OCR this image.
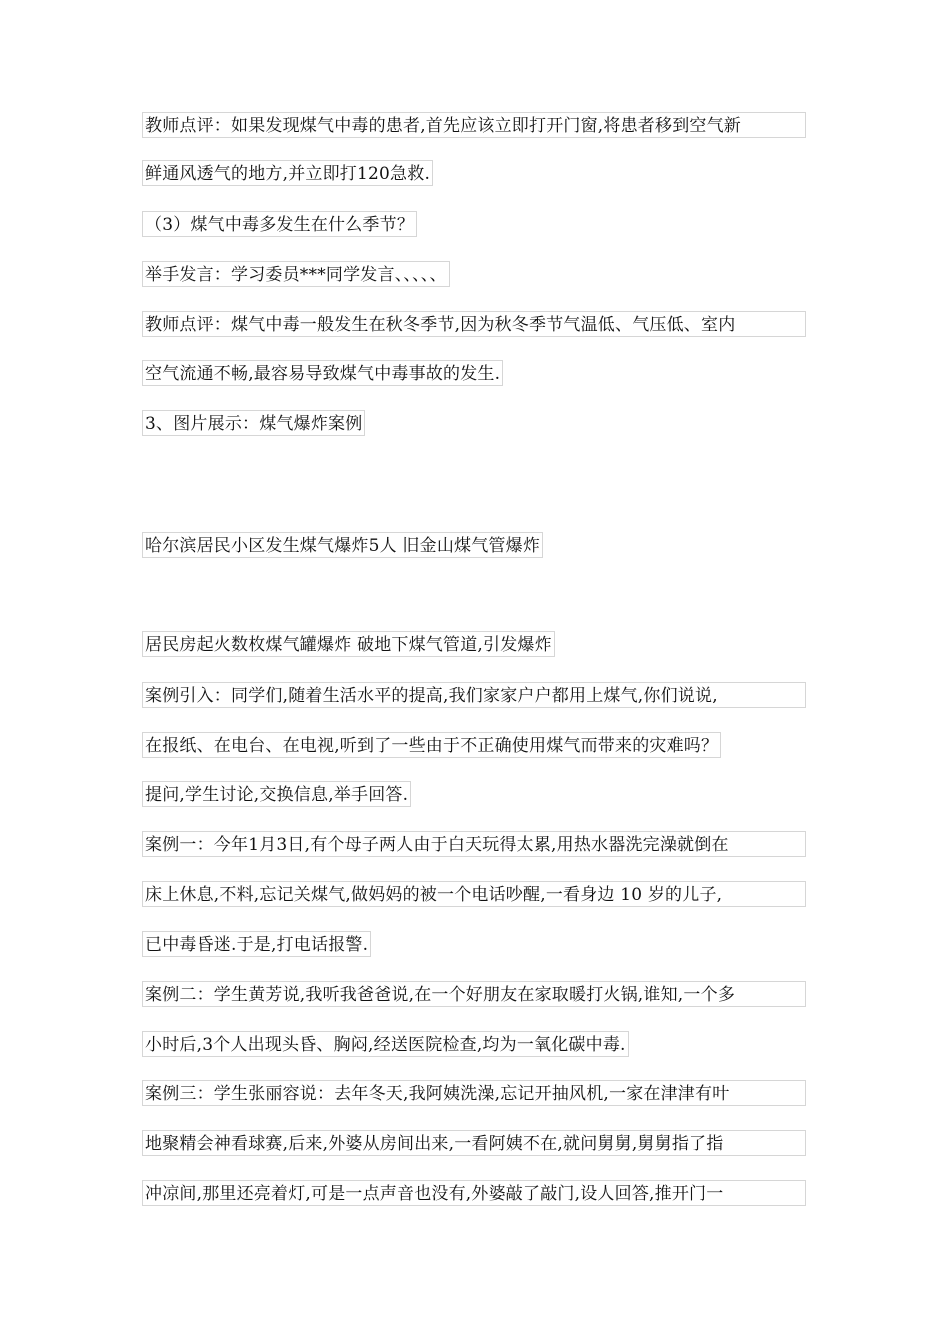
教师点评：如果发现煤气中毒的患者,首先应该立即打开门窗,将患者移到空气新
鲜通风透气的地方,并立即打120急救.
（3）煤气中毒多发生在什么季节？
举手发言：学习委员***同学发言、、、、、
教师点评：煤气中毒一般发生在秋冬季节,因为秋冬季节气温低、气压低、室内
空气流通不畅,最容易导致煤气中毒事故的发生.
3、图片展示：煤气爆炸案例
哈尔滨居民小区发生煤气爆炸5人 旧金山煤气管爆炸
居民房起火数枚煤气罐爆炸 破地下煤气管道,引发爆炸
案例引入：同学们,随着生活水平的提高,我们家家户户都用上煤气,你们说说,
在报纸、在电台、在电视,听到了一些由于不正确使用煤气而带来的灾难吗？
提问,学生讨论,交换信息,举手回答.
案例一：今年1月3日,有个母子两人由于白天玩得太累,用热水器洗完澡就倒在
床上休息,不料,忘记关煤气,做妈妈的被一个电话吵醒,一看身边 10 岁的儿子,
已中毒昏迷.于是,打电话报警.
案例二：学生黄芳说,我听我爸爸说,在一个好朋友在家取暖打火锅,谁知,一个多
小时后,3个人出现头昏、胸闷,经送医院检查,均为一氧化碳中毒.
案例三：学生张丽容说：去年冬天,我阿姨洗澡,忘记开抽风机,一家在津津有叶
地聚精会神看球赛,后来,外婆从房间出来,一看阿姨不在,就问舅舅,舅舅指了指
冲凉间,那里还亮着灯,可是一点声音也没有,外婆敲了敲门,设人回答,推开门一
